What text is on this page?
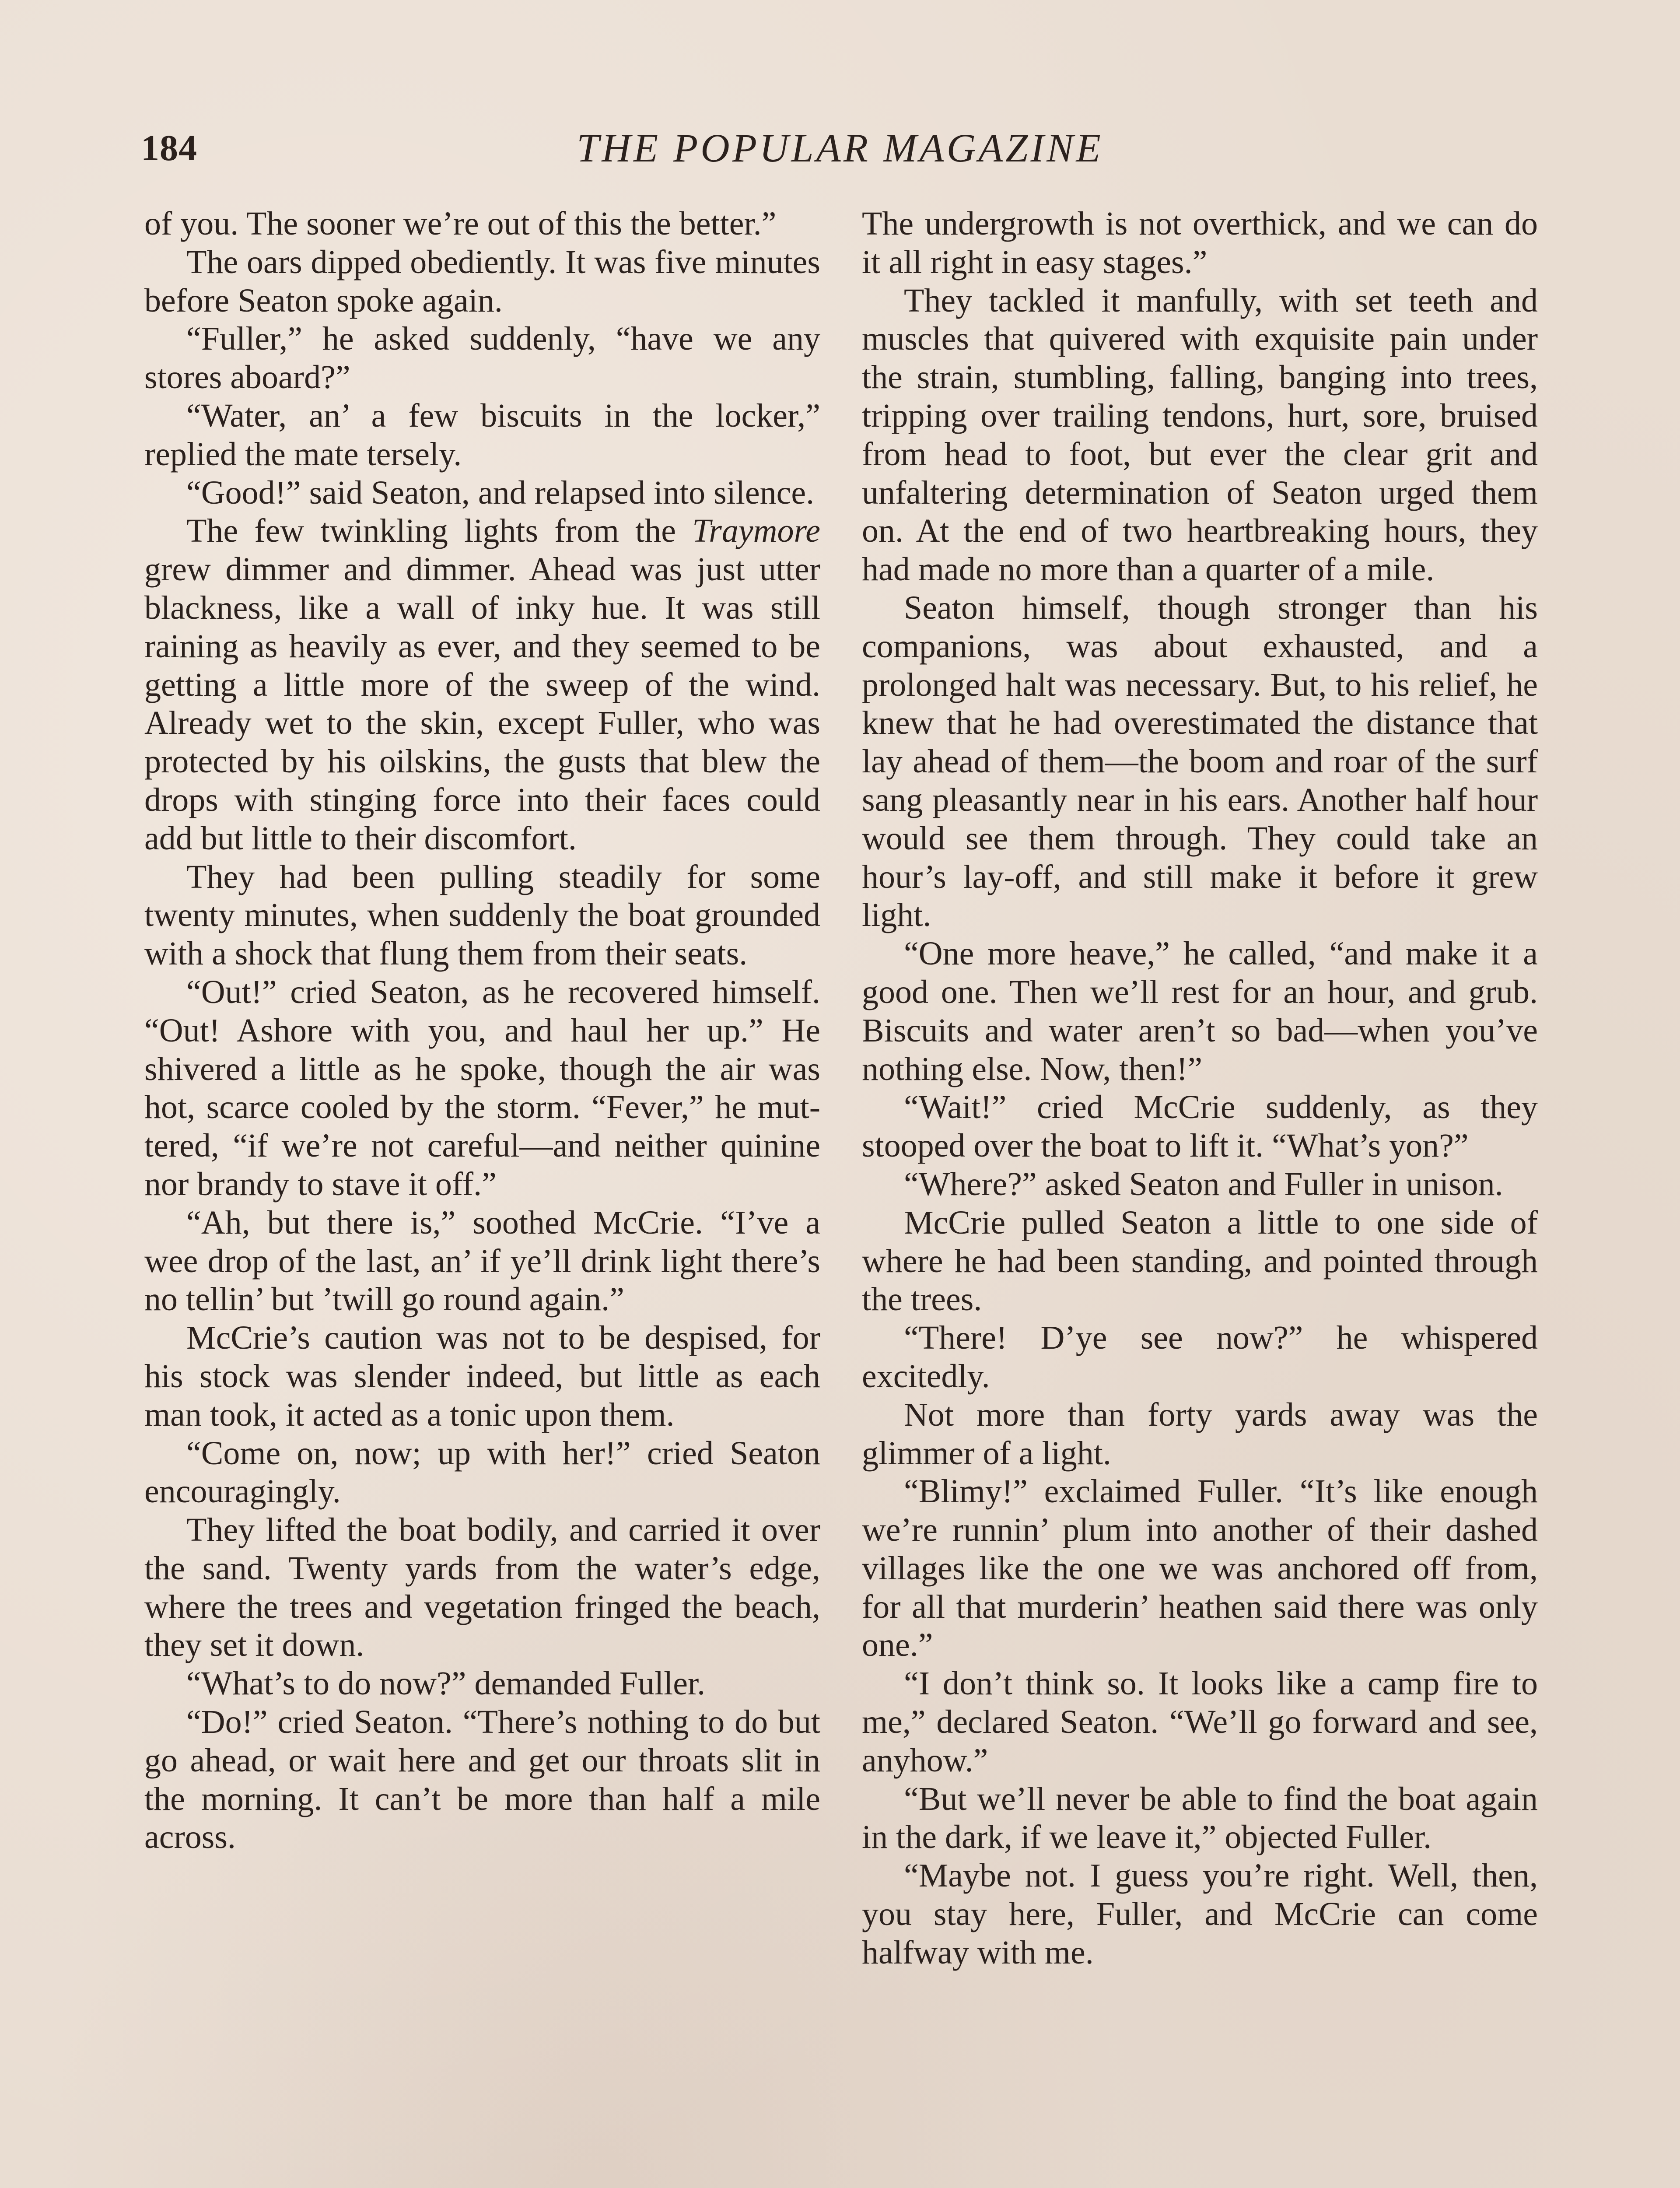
184	THE POPULAR MAGAZINE

of you. The sooner we’re out of this the better.”

The oars dipped obediently. It was five minutes before Seaton spoke again.

“Fuller,” he asked suddenly, “have we any stores aboard?”

“Water, an’ a few biscuits in the locker,” replied the mate tersely.

“Good!” said Seaton, and relapsed into silence.

The few twinkling lights from the Traymore grew dimmer and dimmer. Ahead was just utter blackness, like a wall of inky hue. It was still raining as heavily as ever, and they seemed to be getting a little more of the sweep of the wind. Already wet to the skin, except Fuller, who was protected by his oilskins, the gusts that blew the drops with stinging force into their faces could add but little to their discomfort.

They had been pulling steadily for some twenty minutes, when suddenly the boat grounded with a shock that flung them from their seats.

“Out!” cried Seaton, as he recovered himself. “Out! Ashore with you, and haul her up.” He shivered a little as he spoke, though the air was hot, scarce cooled by the storm. “Fever,” he muttered, “if we’re not careful—and neither quinine nor brandy to stave it off.”

“Ah, but there is,” soothed McCrie. “I’ve a wee drop of the last, an’ if ye’ll drink light there’s no tellin’ but ’twill go round again.”

McCrie’s caution was not to be despised, for his stock was slender indeed, but little as each man took, it acted as a tonic upon them.

“Come on, now; up with her!” cried Seaton encouragingly.

They lifted the boat bodily, and carried it over the sand. Twenty yards from the water’s edge, where the trees and vegetation fringed the beach, they set it down.

“What’s to do now?” demanded Fuller.

“Do!” cried Seaton. “There’s nothing to do but go ahead, or wait here and get our throats slit in the morning. It can’t be more than half a mile across.

The undergrowth is not overthick, and we can do it all right in easy stages.”

They tackled it manfully, with set teeth and muscles that quivered with exquisite pain under the strain, stumbling, falling, banging into trees, tripping over trailing tendons, hurt, sore, bruised from head to foot, but ever the clear grit and unfaltering determination of Seaton urged them on. At the end of two heartbreaking hours, they had made no more than a quarter of a mile.

Seaton himself, though stronger than his companions, was about exhausted, and a prolonged halt was necessary. But, to his relief, he knew that he had overestimated the distance that lay ahead of them—the boom and roar of the surf sang pleasantly near in his ears. Another half hour would see them through. They could take an hour’s lay-off, and still make it before it grew light.

“One more heave,” he called, “and make it a good one. Then we’ll rest for an hour, and grub. Biscuits and water aren’t so bad—when you’ve nothing else. Now, then!”

“Wait!” cried McCrie suddenly, as they stooped over the boat to lift it. “What’s yon?”

“Where?” asked Seaton and Fuller in unison.

McCrie pulled Seaton a little to one side of where he had been standing, and pointed through the trees.

“There! D’ye see now?” he whispered excitedly.

Not more than forty yards away was the glimmer of a light.

“Blimy!” exclaimed Fuller. “It’s like enough we’re runnin’ plum into another of their dashed villages like the one we was anchored off from, for all that murderin’ heathen said there was only one.”

“I don’t think so. It looks like a camp fire to me,” declared Seaton. “We’ll go forward and see, anyhow.”

“But we’ll never be able to find the boat again in the dark, if we leave it,” objected Fuller.

“Maybe not. I guess you’re right. Well, then, you stay here, Fuller, and McCrie can come halfway with me.
